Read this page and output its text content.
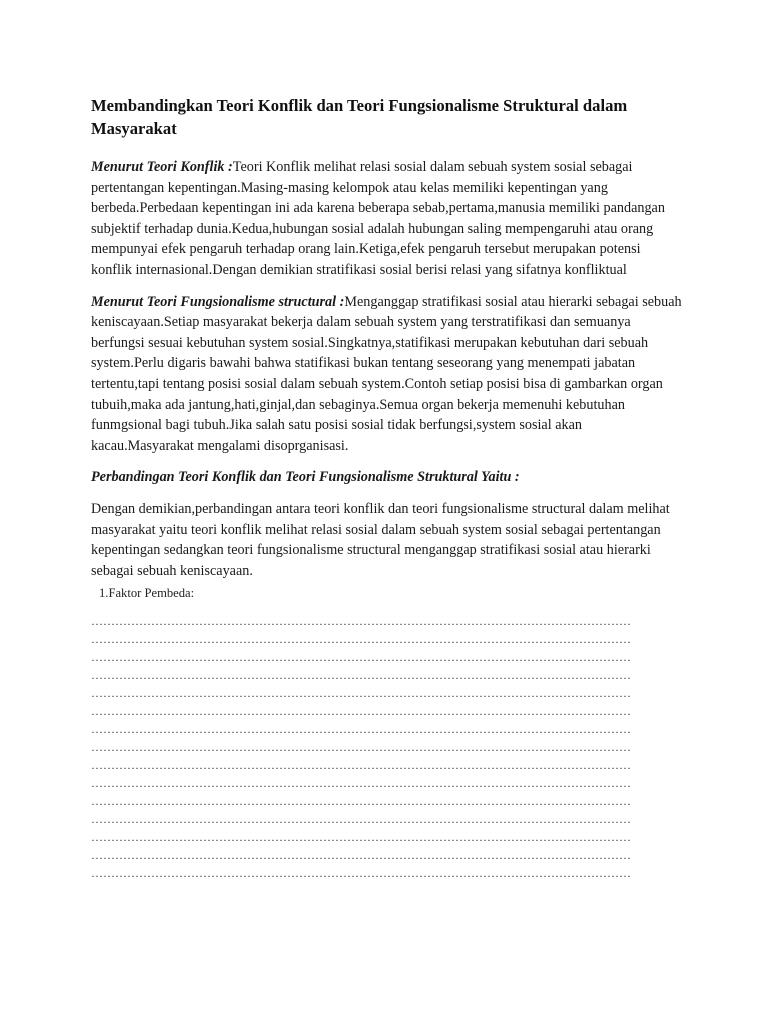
Membandingkan Teori Konflik dan Teori Fungsionalisme Struktural dalam Masyarakat

Menurut Teori Konflik :Teori Konflik melihat relasi sosial dalam sebuah system sosial sebagai pertentangan kepentingan.Masing-masing kelompok atau kelas memiliki kepentingan yang berbeda.Perbedaan kepentingan ini ada karena beberapa sebab,pertama,manusia memiliki pandangan subjektif terhadap dunia.Kedua,hubungan sosial adalah hubungan saling mempengaruhi atau orang mempunyai efek pengaruh terhadap orang lain.Ketiga,efek pengaruh tersebut merupakan potensi konflik internasional.Dengan demikian stratifikasi sosial berisi relasi yang sifatnya konfliktual

Menurut Teori Fungsionalisme structural :Menganggap stratifikasi sosial atau hierarki sebagai sebuah keniscayaan.Setiap masyarakat bekerja dalam sebuah system yang terstratifikasi dan semuanya berfungsi sesuai kebutuhan system sosial.Singkatnya,statifikasi merupakan kebutuhan dari sebuah system.Perlu digaris bawahi bahwa statifikasi bukan tentang seseorang yang menempati jabatan tertentu,tapi tentang posisi sosial dalam sebuah system.Contoh setiap posisi bisa di gambarkan organ tubuih,maka ada jantung,hati,ginjal,dan sebaginya.Semua organ bekerja memenuhi kebutuhan funmgsional bagi tubuh.Jika salah satu posisi sosial tidak berfungsi,system sosial akan kacau.Masyarakat mengalami disoprganisasi.

Perbandingan Teori Konflik dan Teori Fungsionalisme Struktural Yaitu :

Dengan demikian,perbandingan antara teori konflik dan teori fungsionalisme structural dalam melihat masyarakat yaitu teori konflik melihat relasi sosial dalam sebuah system sosial sebagai pertentangan kepentingan sedangkan teori fungsionalisme structural menganggap stratifikasi sosial atau hierarki sebagai sebuah keniscayaan.

1.Faktor Pembeda:
………………………………………………………………………………………………………………………
………………………………………………………………………………………………………………………
………………………………………………………………………………………………………………………
………………………………………………………………………………………………………………………
………………………………………………………………………………………………………………………
………………………………………………………………………………………………………………………
………………………………………………………………………………………………………………………
………………………………………………………………………………………………………………………
………………………………………………………………………………………………………………………
………………………………………………………………………………………………………………………
………………………………………………………………………………………………………………………
………………………………………………………………………………………………………………………
………………………………………………………………………………………………………………………
………………………………………………………………………………………………………………………
………………………………………………………………………………………………………………………
